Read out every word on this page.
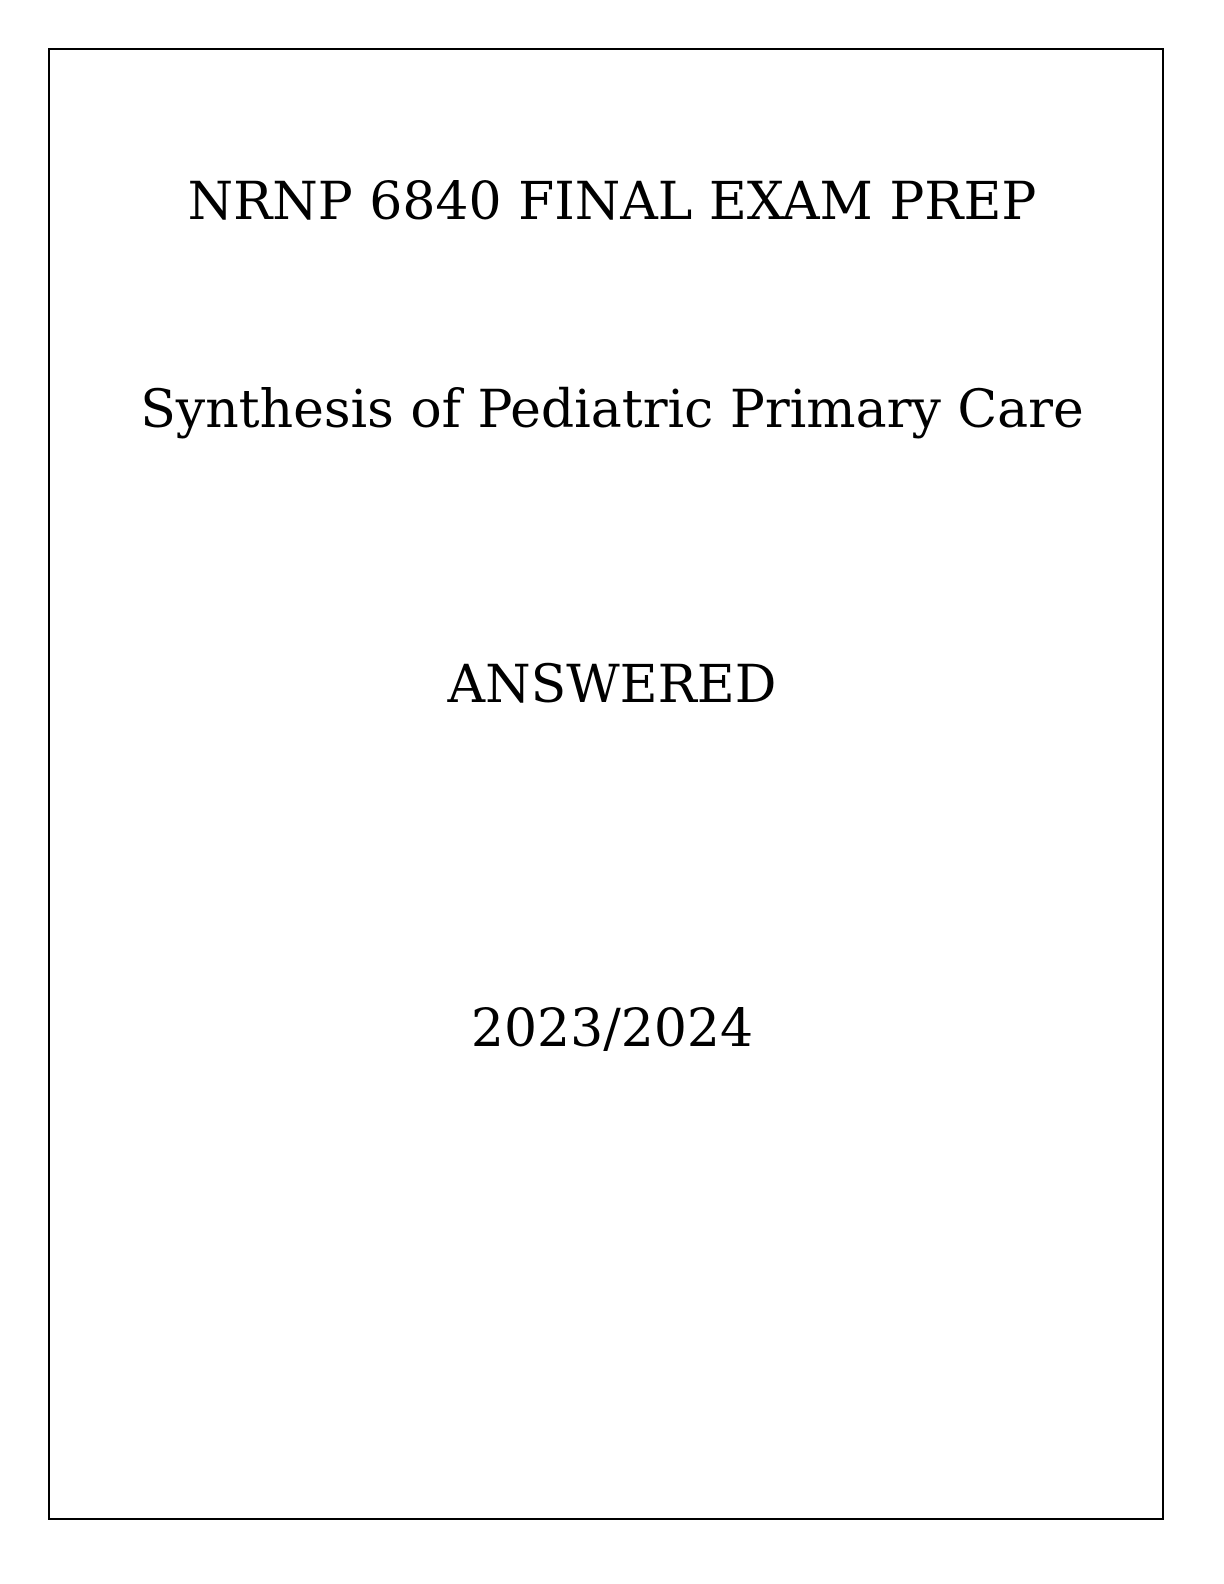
NRNP 6840 FINAL EXAM PREP
Synthesis of Pediatric Primary Care
ANSWERED
2023/2024
